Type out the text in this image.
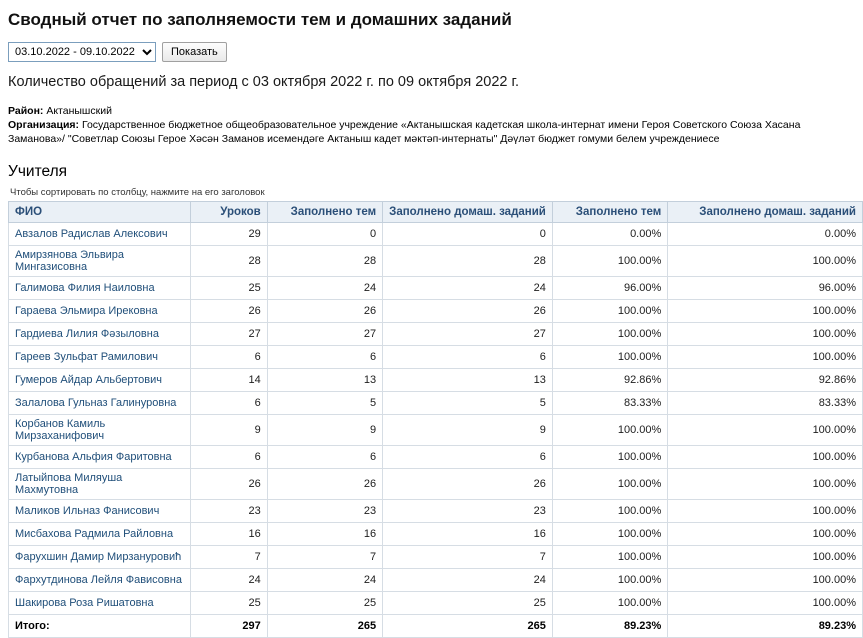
Сводный отчет по заполняемости тем и домашних заданий
03.10.2022 - 09.10.2022
Показать
Количество обращений за период с 03 октября 2022 г. по 09 октября 2022 г.
Район: Актанышский
Организация: Государственное бюджетное общеобразовательное учреждение «Актанышская кадетская школа-интернат имени Героя Советского Союза Хасана Заманова»/ "Советлар Союзы Герое Хәсән Заманов исемендәге Актаныш кадет мәктәп-интернаты" Дәүләт бюджет гомуми белем учреждениесе
Учителя
Чтобы сортировать по столбцу, нажмите на его заголовок
ФИО	Уроков	Заполнено тем	Заполнено домаш. заданий	Заполнено тем	Заполнено домаш. заданий
Авзалов Радислав Алексович	29	0	0	0.00%	0.00%
Амирзянова Эльвира Мингазисовна	28	28	28	100.00%	100.00%
Галимова Филия Наиловна	25	24	24	96.00%	96.00%
Гараева Эльмира Ирековна	26	26	26	100.00%	100.00%
Гардиева Лилия Фәзыловна	27	27	27	100.00%	100.00%
Гареев Зульфат Рамилович	6	6	6	100.00%	100.00%
Гумеров Айдар Альбертович	14	13	13	92.86%	92.86%
Залалова Гульназ Галинуровна	6	5	5	83.33%	83.33%
Корбанов Камиль Мирзаханифович	9	9	9	100.00%	100.00%
Курбанова Альфия Фаритовна	6	6	6	100.00%	100.00%
Латыйпова Миляуша Махмутовна	26	26	26	100.00%	100.00%
Маликов Ильназ Фанисович	23	23	23	100.00%	100.00%
Мисбахова Радмила Райловна	16	16	16	100.00%	100.00%
Фарухшин Дамир Мирзануровић	7	7	7	100.00%	100.00%
Фархутдинова Лейля Фависовна	24	24	24	100.00%	100.00%
Шакирова Роза Ришатовна	25	25	25	100.00%	100.00%
Итого:	297	265	265	89.23%	89.23%
